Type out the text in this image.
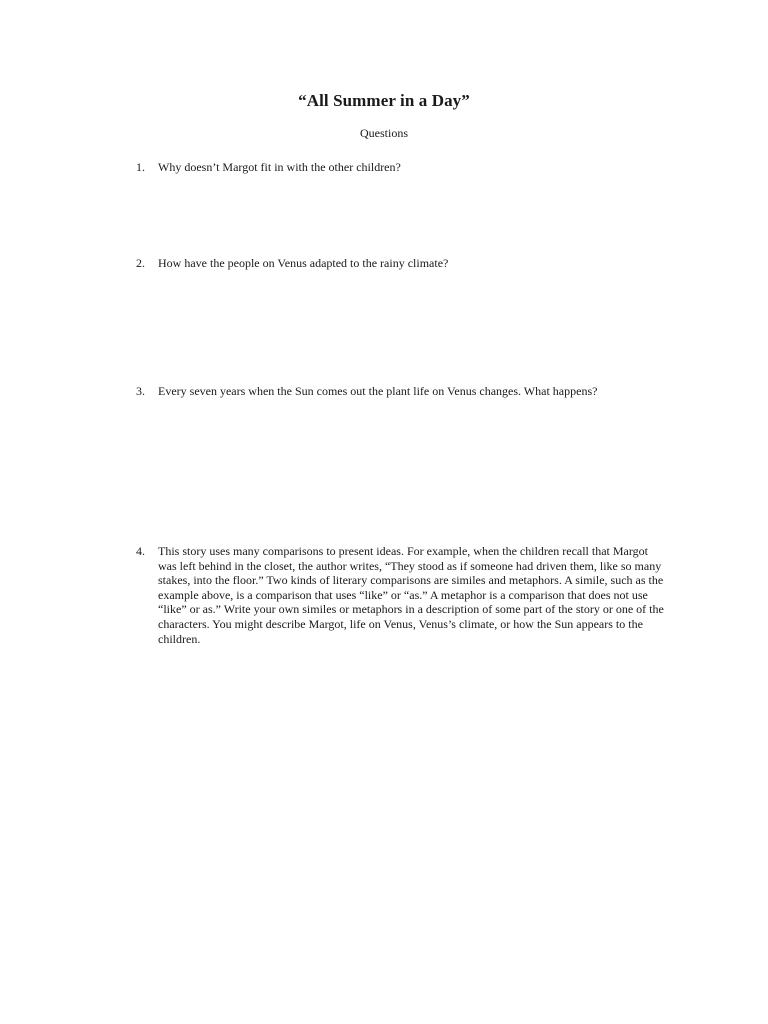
“All Summer in a Day”
Questions
1.	Why doesn’t Margot fit in with the other children?
2.	How have the people on Venus adapted to the rainy climate?
3.	Every seven years when the Sun comes out the plant life on Venus changes. What happens?
4.	This story uses many comparisons to present ideas. For example, when the children recall that Margot was left behind in the closet, the author writes, “They stood as if someone had driven them, like so many stakes, into the floor.” Two kinds of literary comparisons are similes and metaphors. A simile, such as the example above, is a comparison that uses “like” or “as.” A metaphor is a comparison that does not use “like” or as.” Write your own similes or metaphors in a description of some part of the story or one of the characters. You might describe Margot, life on Venus, Venus’s climate, or how the Sun appears to the children.
